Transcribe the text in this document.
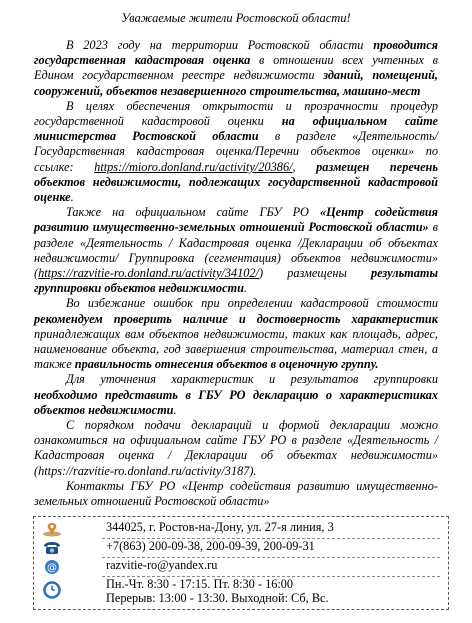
Уважаемые жители Ростовской области!

В 2023 году на территории Ростовской области проводится государственная кадастровая оценка в отношении всех учтенных в Едином государственном реестре недвижимости зданий, помещений, сооружений, объектов незавершенного строительства, машино-мест

В целях обеспечения открытости и прозрачности процедур государственной кадастровой оценки на официальном сайте министерства Ростовской области в разделе «Деятельность/Государственная кадастровая оценка/Перечни объектов оценки» по ссылке: https://mioro.donland.ru/activity/20386/, размещен перечень объектов недвижимости, подлежащих государственной кадастровой оценке.

Также на официальном сайте ГБУ РО «Центр содействия развитию имущественно-земельных отношений Ростовской области» в разделе «Деятельность / Кадастровая оценка /Декларации об объектах недвижимости/ Группировка (сегментация) объектов недвижимости» (https://razvitie-ro.donland.ru/activity/34102/) размещены результаты группировки объектов недвижимости.

Во избежание ошибок при определении кадастровой стоимости рекомендуем проверить наличие и достоверность характеристик принадлежащих вам объектов недвижимости, таких как площадь, адрес, наименование объекта, год завершения строительства, материал стен, а также правильность отнесения объектов в оценочную группу.

Для уточнения характеристик и результатов группировки необходимо представить в ГБУ РО декларацию о характеристиках объектов недвижимости.

С порядком подачи деклараций и формой декларации можно ознакомиться на официальном сайте ГБУ РО в разделе «Деятельность / Кадастровая оценка / Декларации об объектах недвижимости» (https://razvitie-ro.donland.ru/activity/3187).

Контакты ГБУ РО «Центр содействия развитию имущественно-земельных отношений Ростовской области»

344025, г. Ростов-на-Дону, ул. 27-я линия, 3
+7(863) 200-09-38, 200-09-39, 200-09-31
@	razvitie-ro@yandex.ru
Пн.-Чт. 8:30 - 17:15. Пт. 8:30 - 16:00
Перерыв: 13:00 - 13:30. Выходной: Сб, Вс.
